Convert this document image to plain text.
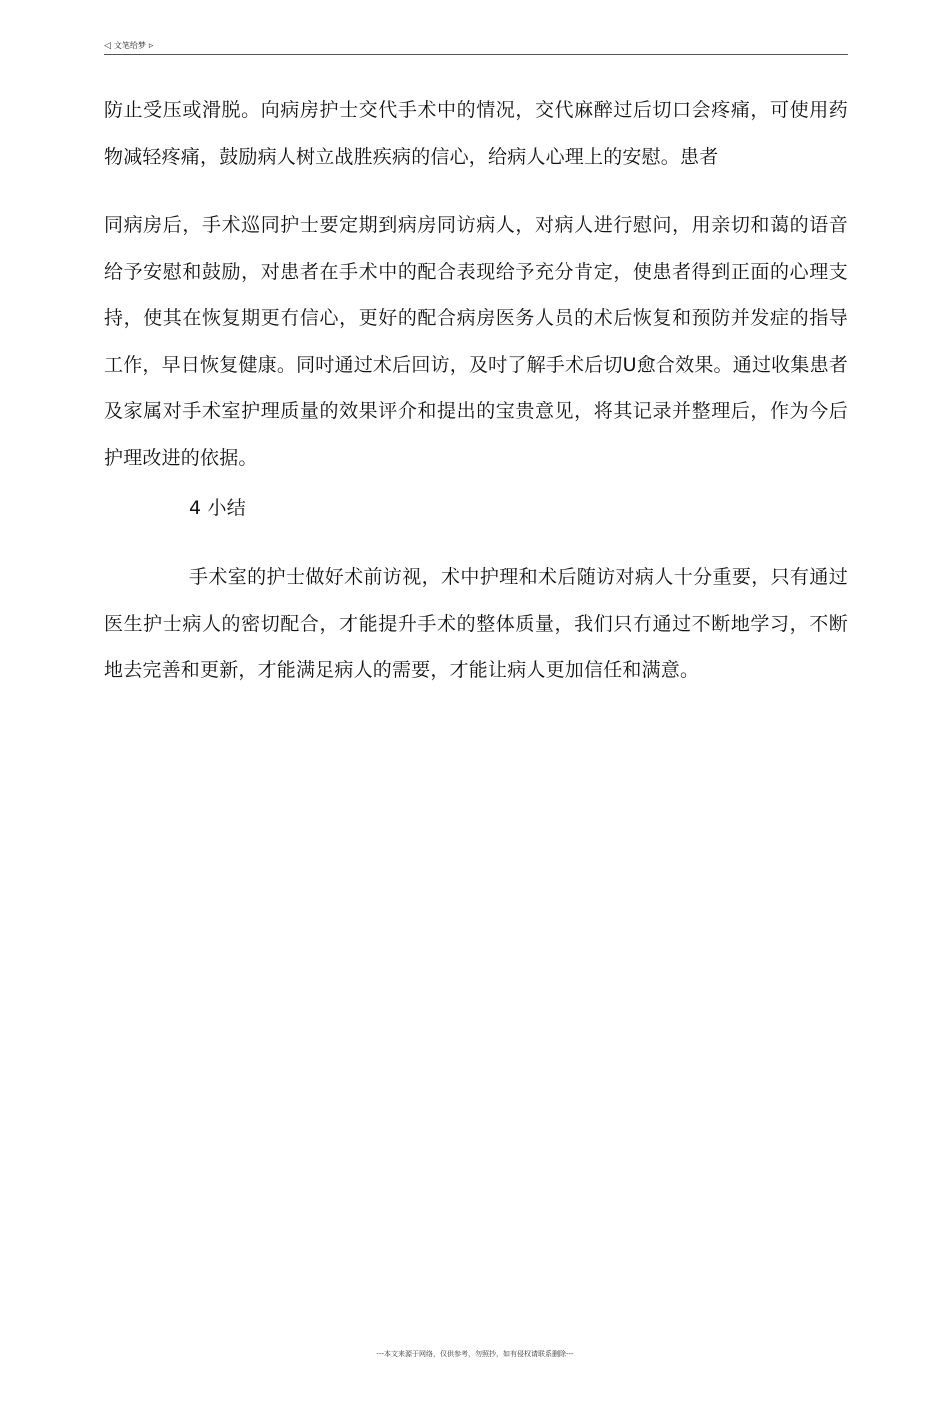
◁ 文笔给梦 ▹

防止受压或滑脱。向病房护士交代手术中的情况，交代麻醉过后切口会疼痛，可使用药物减轻疼痛，鼓励病人树立战胜疾病的信心，给病人心理上的安慰。患者

同病房后，手术巡同护士要定期到病房同访病人，对病人进行慰问，用亲切和蔼的语音给予安慰和鼓励，对患者在手术中的配合表现给予充分肯定，使患者得到正面的心理支持，使其在恢复期更冇信心，更好的配合病房医务人员的术后恢复和预防并发症的指导工作，早日恢复健康。同吋通过术后回访，及吋了解手术后切U愈合效果。通过收集患者及家属对手术室护理质量的效果评介和提出的宝贵意见，将其记录并整理后，作为今后护理改进的依据。

4 小结

手术室的护士做好术前访视，术中护理和术后随访对病人十分重要，只有通过医生护士病人的密切配合，才能提升手术的整体质量，我们只冇通过不断地学习，不断地去完善和更新，才能满足病人的需要，才能让病人更加信任和满意。

---本文来源于网络，仅供参考，勿照抄，如有侵权请联系删除---
